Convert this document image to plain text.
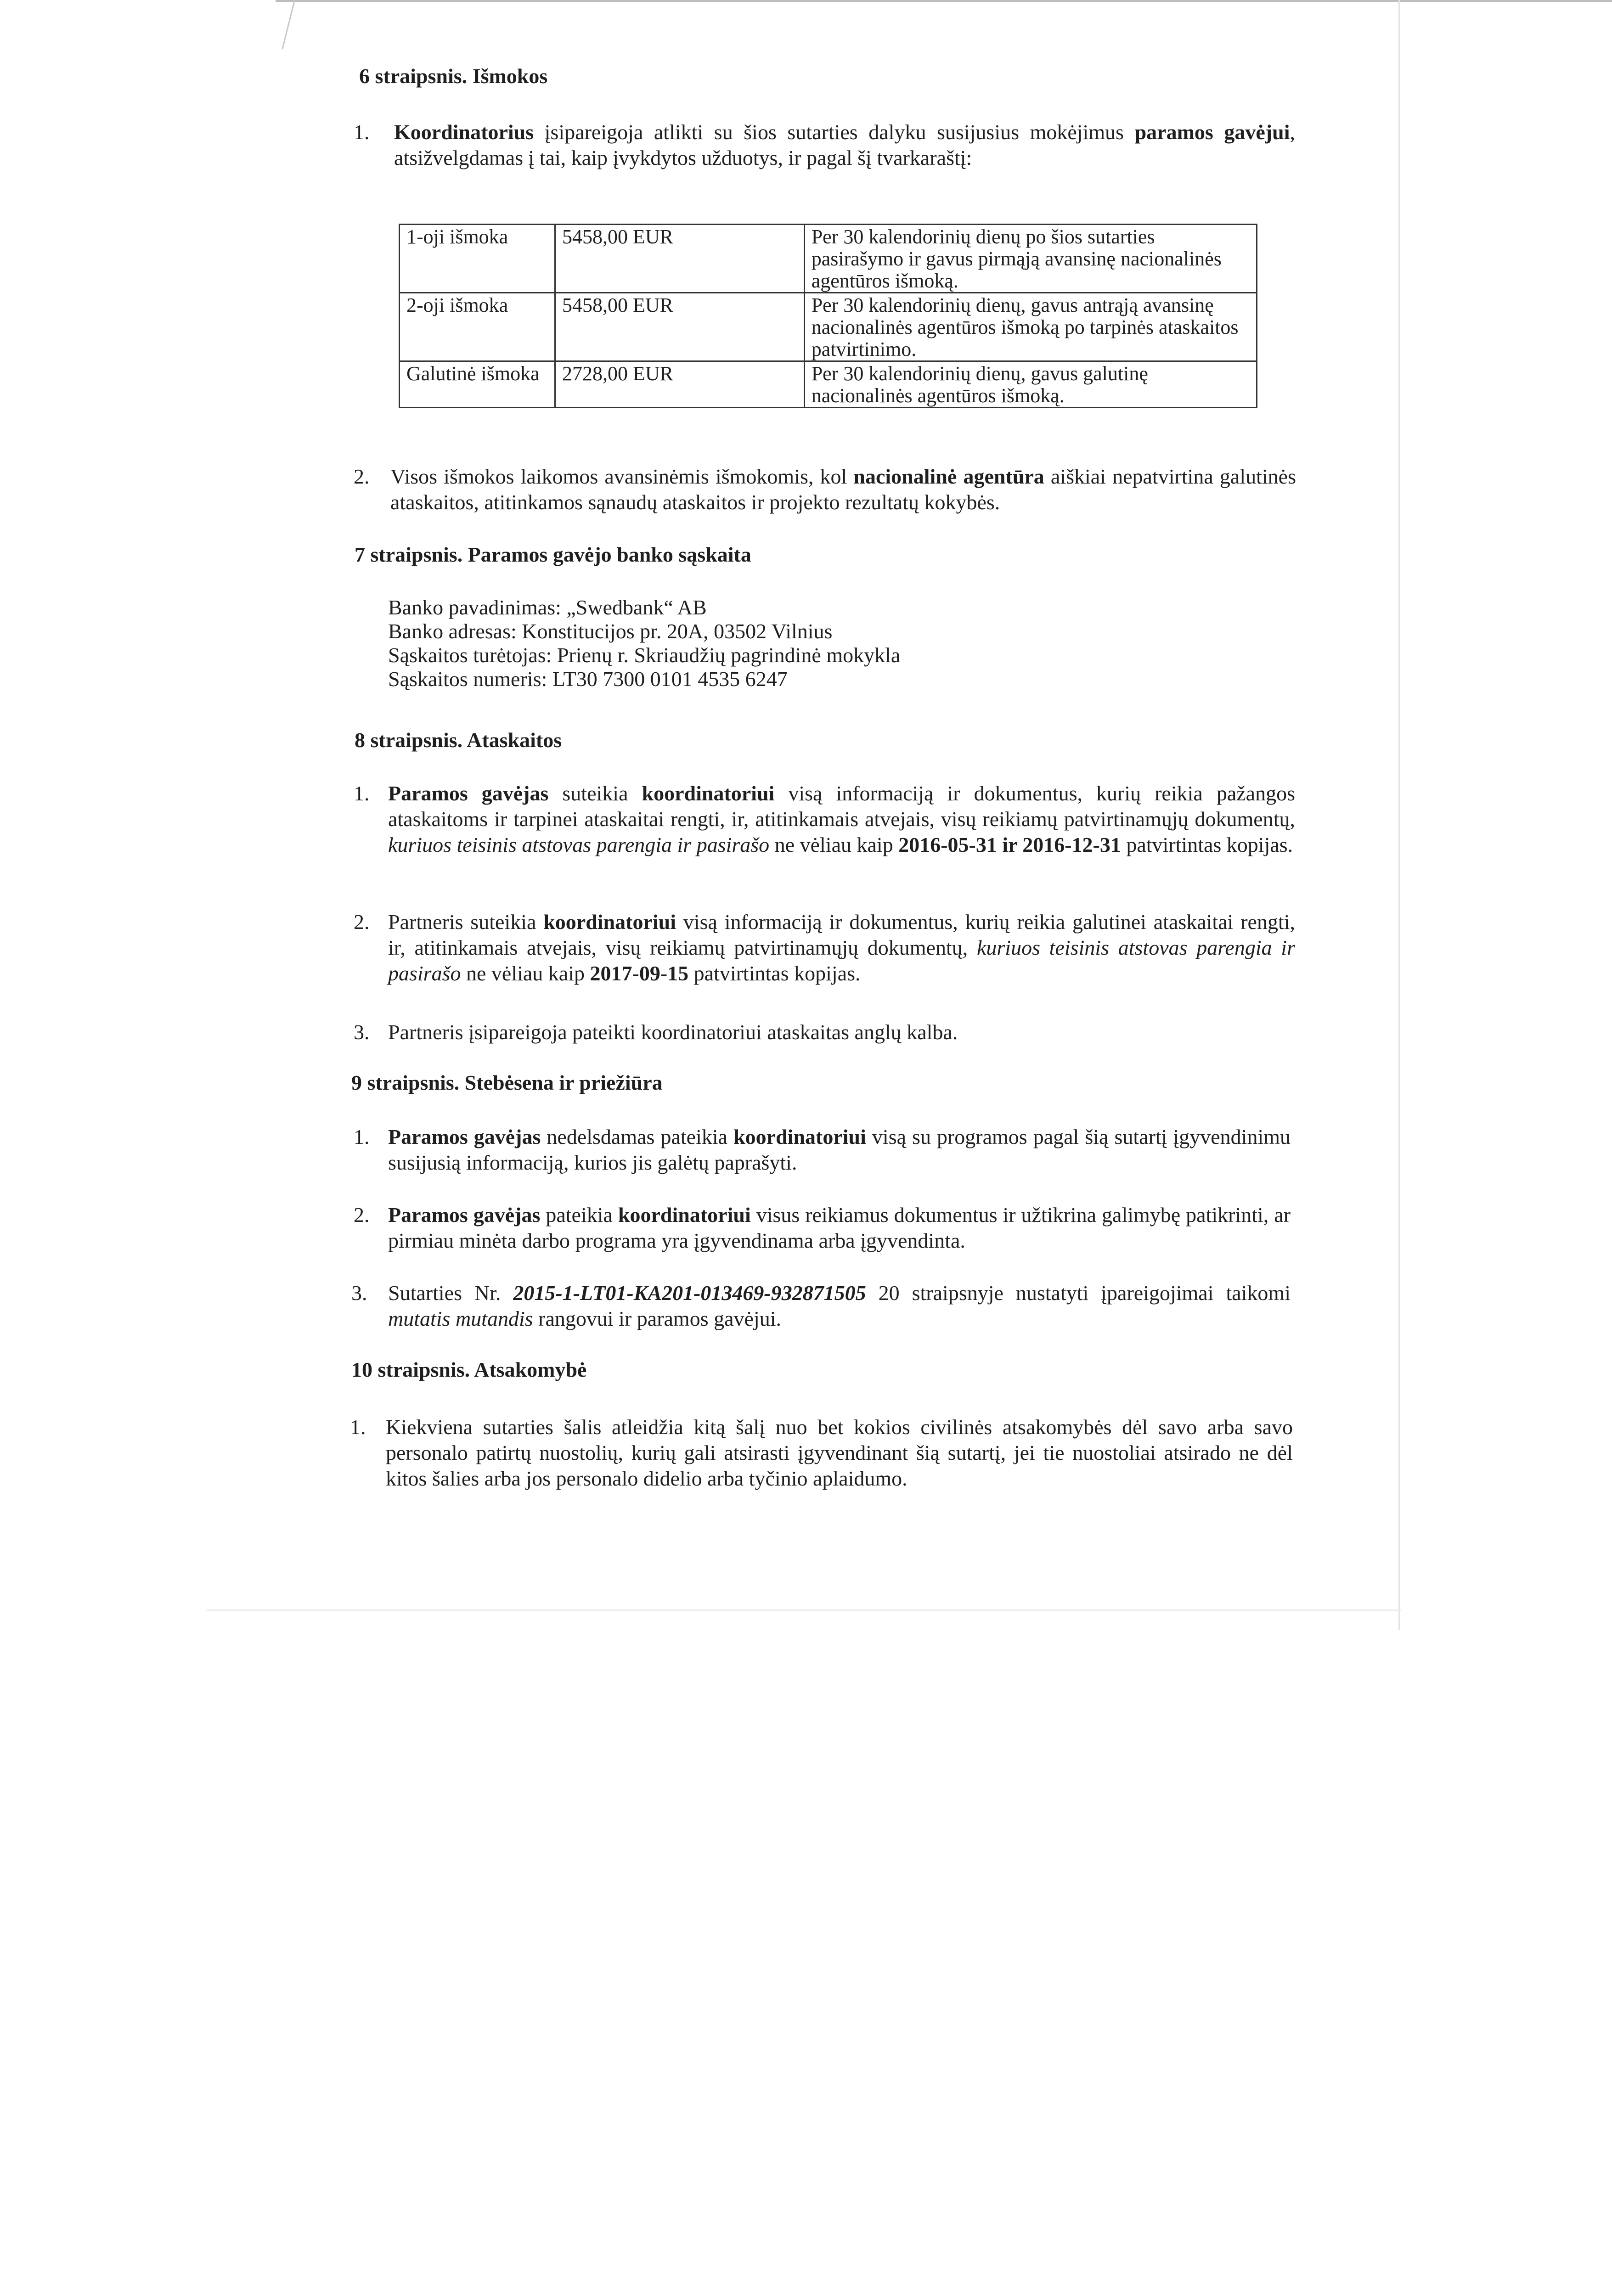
6 straipsnis. Išmokos
1. Koordinatorius įsipareigoja atlikti su šios sutarties dalyku susijusius mokėjimus paramos gavėjui, atsižvelgdamas į tai, kaip įvykdytos užduotys, ir pagal šį tvarkaraštį:
1-oji išmoka	5458,00 EUR	Per 30 kalendorinių dienų po šios sutarties pasirašymo ir gavus pirmąją avansinę nacionalinės agentūros išmoką.
2-oji išmoka	5458,00 EUR	Per 30 kalendorinių dienų, gavus antrąją avansinę nacionalinės agentūros išmoką po tarpinės ataskaitos patvirtinimo.
Galutinė išmoka	2728,00 EUR	Per 30 kalendorinių dienų, gavus galutinę nacionalinės agentūros išmoką.
2. Visos išmokos laikomos avansinėmis išmokomis, kol nacionalinė agentūra aiškiai nepatvirtina galutinės ataskaitos, atitinkamos sąnaudų ataskaitos ir projekto rezultatų kokybės.
7 straipsnis. Paramos gavėjo banko sąskaita
Banko pavadinimas: „Swedbank“ AB
Banko adresas: Konstitucijos pr. 20A, 03502 Vilnius
Sąskaitos turėtojas: Prienų r. Skriaudžių pagrindinė mokykla
Sąskaitos numeris: LT30 7300 0101 4535 6247
8 straipsnis. Ataskaitos
1. Paramos gavėjas suteikia koordinatoriui visą informaciją ir dokumentus, kurių reikia pažangos ataskaitoms ir tarpinei ataskaitai rengti, ir, atitinkamais atvejais, visų reikiamų patvirtinamųjų dokumentų, kuriuos teisinis atstovas parengia ir pasirašo ne vėliau kaip 2016-05-31 ir 2016-12-31 patvirtintas kopijas.
2. Partneris suteikia koordinatoriui visą informaciją ir dokumentus, kurių reikia galutinei ataskaitai rengti, ir, atitinkamais atvejais, visų reikiamų patvirtinamųjų dokumentų, kuriuos teisinis atstovas parengia ir pasirašo ne vėliau kaip 2017-09-15 patvirtintas kopijas.
3. Partneris įsipareigoja pateikti koordinatoriui ataskaitas anglų kalba.
9 straipsnis. Stebėsena ir priežiūra
1. Paramos gavėjas nedelsdamas pateikia koordinatoriui visą su programos pagal šią sutartį įgyvendinimu susijusią informaciją, kurios jis galėtų paprašyti.
2. Paramos gavėjas pateikia koordinatoriui visus reikiamus dokumentus ir užtikrina galimybę patikrinti, ar pirmiau minėta darbo programa yra įgyvendinama arba įgyvendinta.
3. Sutarties Nr. 2015-1-LT01-KA201-013469-932871505 20 straipsnyje nustatyti įpareigojimai taikomi mutatis mutandis rangovui ir paramos gavėjui.
10 straipsnis. Atsakomybė
1. Kiekviena sutarties šalis atleidžia kitą šalį nuo bet kokios civilinės atsakomybės dėl savo arba savo personalo patirtų nuostolių, kurių gali atsirasti įgyvendinant šią sutartį, jei tie nuostoliai atsirado ne dėl kitos šalies arba jos personalo didelio arba tyčinio aplaidumo.
